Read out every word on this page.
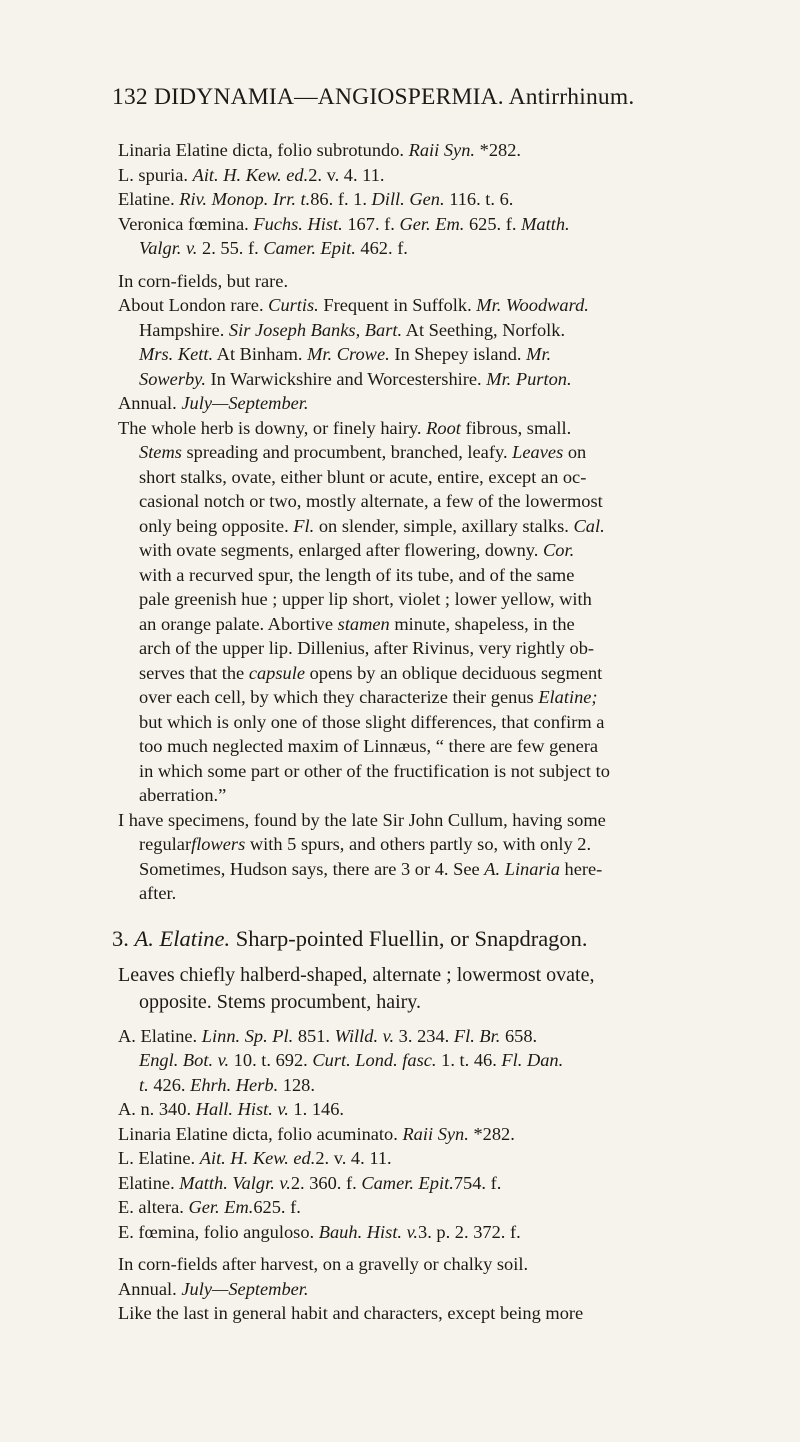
132 DIDYNAMIA—ANGIOSPERMIA. Antirrhinum.
Linaria Elatine dicta, folio subrotundo. Raii Syn. *282.
L. spuria. Ait. H. Kew. ed.2. v. 4. 11.
Elatine. Riv. Monop. Irr. t.86. f. 1. Dill. Gen. 116. t. 6.
Veronica fœmina. Fuchs. Hist. 167. f. Ger. Em. 625. f. Matth.
Valgr. v. 2. 55. f. Camer. Epit. 462. f.
In corn-fields, but rare.
About London rare. Curtis. Frequent in Suffolk. Mr. Woodward.
Hampshire. Sir Joseph Banks, Bart. At Seething, Norfolk.
Mrs. Kett. At Binham. Mr. Crowe. In Shepey island. Mr.
Sowerby. In Warwickshire and Worcestershire. Mr. Purton.
Annual. July—September.
The whole herb is downy, or finely hairy. Root fibrous, small.
Stems spreading and procumbent, branched, leafy. Leaves on
short stalks, ovate, either blunt or acute, entire, except an oc-
casional notch or two, mostly alternate, a few of the lowermost
only being opposite. Fl. on slender, simple, axillary stalks. Cal.
with ovate segments, enlarged after flowering, downy. Cor.
with a recurved spur, the length of its tube, and of the same
pale greenish hue ; upper lip short, violet ; lower yellow, with
an orange palate. Abortive stamen minute, shapeless, in the
arch of the upper lip. Dillenius, after Rivinus, very rightly ob-
serves that the capsule opens by an oblique deciduous segment
over each cell, by which they characterize their genus Elatine;
but which is only one of those slight differences, that confirm a
too much neglected maxim of Linnæus, “ there are few genera
in which some part or other of the fructification is not subject to
aberration.”
I have specimens, found by the late Sir John Cullum, having some
regularflowers with 5 spurs, and others partly so, with only 2.
Sometimes, Hudson says, there are 3 or 4. See A. Linaria here-
after.
3. A. Elatine. Sharp-pointed Fluellin, or Snapdragon.
Leaves chiefly halberd-shaped, alternate ; lowermost ovate,
opposite. Stems procumbent, hairy.
A. Elatine. Linn. Sp. Pl. 851. Willd. v. 3. 234. Fl. Br. 658.
Engl. Bot. v. 10. t. 692. Curt. Lond. fasc. 1. t. 46. Fl. Dan.
t. 426. Ehrh. Herb. 128.
A. n. 340. Hall. Hist. v. 1. 146.
Linaria Elatine dicta, folio acuminato. Raii Syn. *282.
L. Elatine. Ait. H. Kew. ed.2. v. 4. 11.
Elatine. Matth. Valgr. v.2. 360. f. Camer. Epit.754. f.
E. altera. Ger. Em.625. f.
E. fœmina, folio anguloso. Bauh. Hist. v.3. p. 2. 372. f.
In corn-fields after harvest, on a gravelly or chalky soil.
Annual. July—September.
Like the last in general habit and characters, except being more
